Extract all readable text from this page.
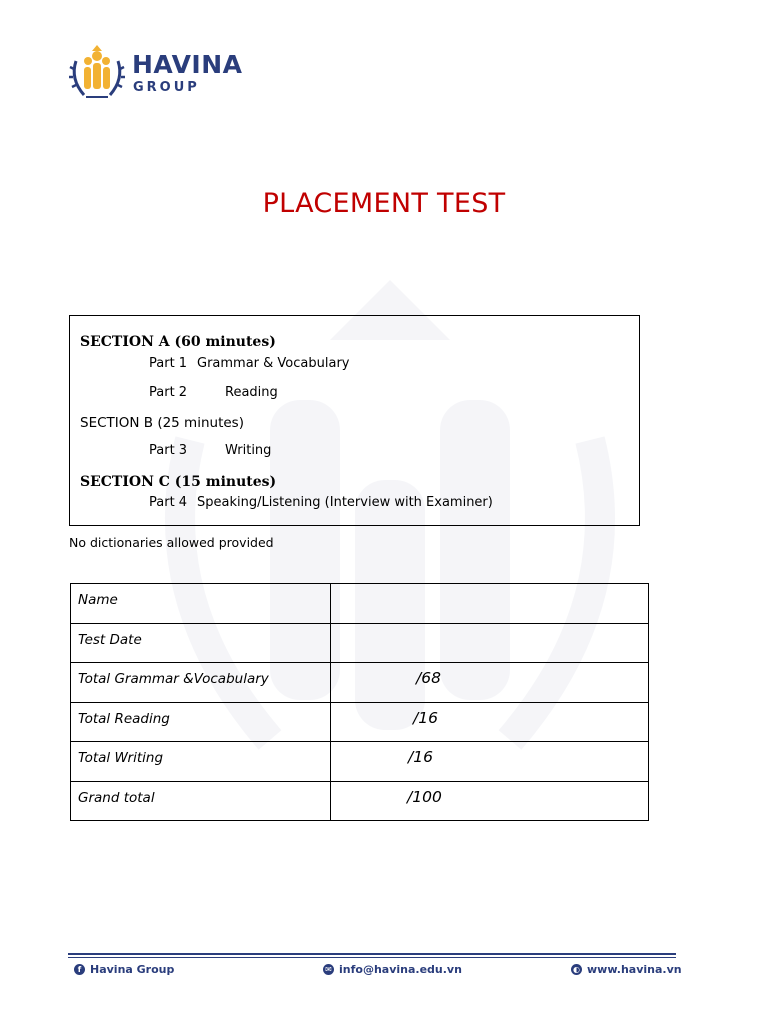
HAVINA
GROUP
PLACEMENT TEST
SECTION A (60 minutes)
Part 1 Grammar & Vocabulary
Part 2	Reading
SECTION B (25 minutes)
Part 3	Writing
SECTION C (15 minutes)
Part 4 Speaking/Listening (Interview with Examiner)
No dictionaries allowed provided
Name	

Test Date	

Total Grammar &Vocabulary	/68

Total Reading	/16

Total Writing	/16

Grand total	/100
f Havina Group	✉ info@havina.edu.vn	◐ www.havina.vn
